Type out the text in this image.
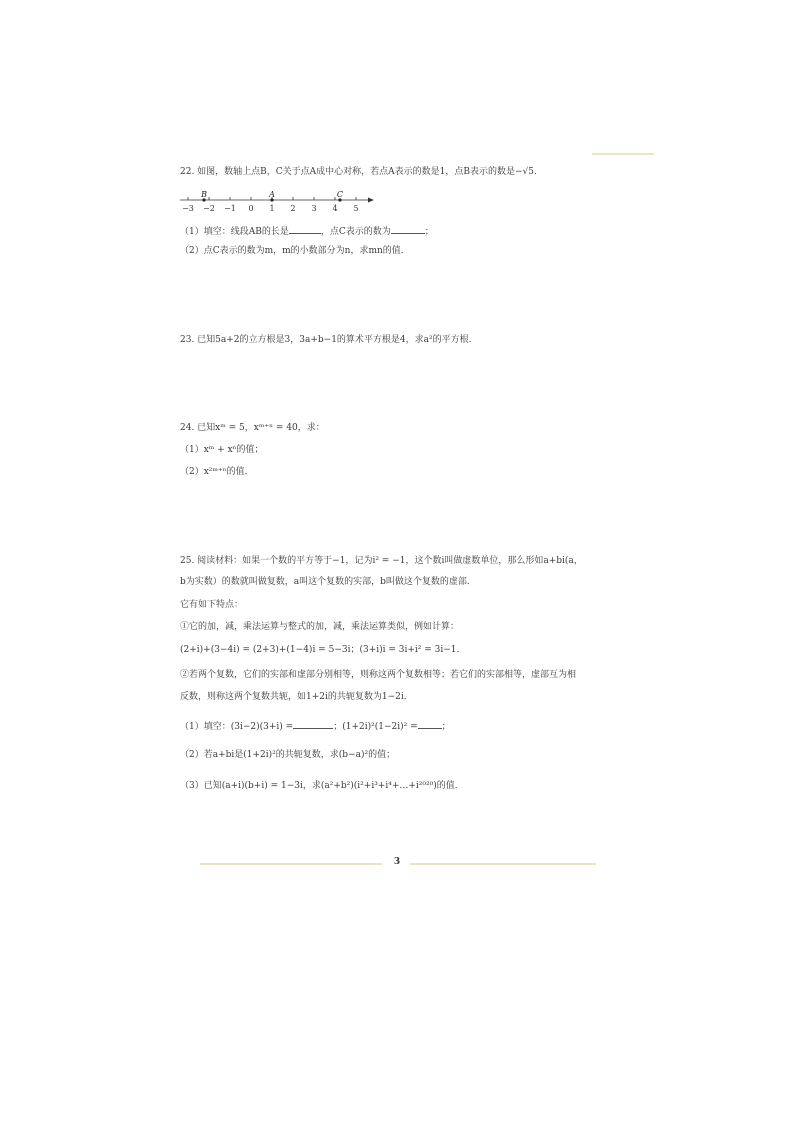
22. 如图，数轴上点B，C关于点A成中心对称，若点A表示的数是1，点B表示的数是−√5．

−3 −2 −1 0 1 2 3 4 5
B	A	C

（1）填空：线段AB的长是	，点C表示的数为	；

（2）点C表示的数为m，m的小数部分为n，求mn的值．

23. 已知5a+2的立方根是3，3a+b−1的算术平方根是4，求a²的平方根．

24. 已知xᵐ = 5，xᵐ⁺ⁿ = 40，求：

（1）xᵐ + xⁿ的值；

（2）x²ᵐ⁺ⁿ的值．

25. 阅读材料：如果一个数的平方等于−1，记为i² = −1，这个数i叫做虚数单位，那么形如a+bi(a，

b为实数）的数就叫做复数，a叫这个复数的实部，b叫做这个复数的虚部．

它有如下特点：

①它的加，减，乘法运算与整式的加，减，乘法运算类似，例如计算：

(2+i)+(3−4i) = (2+3)+(1−4)i = 5−3i；(3+i)i = 3i+i² = 3i−1．

②若两个复数，它们的实部和虚部分别相等，则称这两个复数相等；若它们的实部相等，虚部互为相

反数，则称这两个复数共轭，如1+2i的共轭复数为1−2i．

（1）填空：(3i−2)(3+i) =	；(1+2i)²(1−2i)² =	；

（2）若a+bi是(1+2i)²的共轭复数，求(b−a)²的值；

（3）已知(a+i)(b+i) = 1−3i，求(a²+b²)(i²+i³+i⁴+…+i²⁰²⁰)的值．

3
